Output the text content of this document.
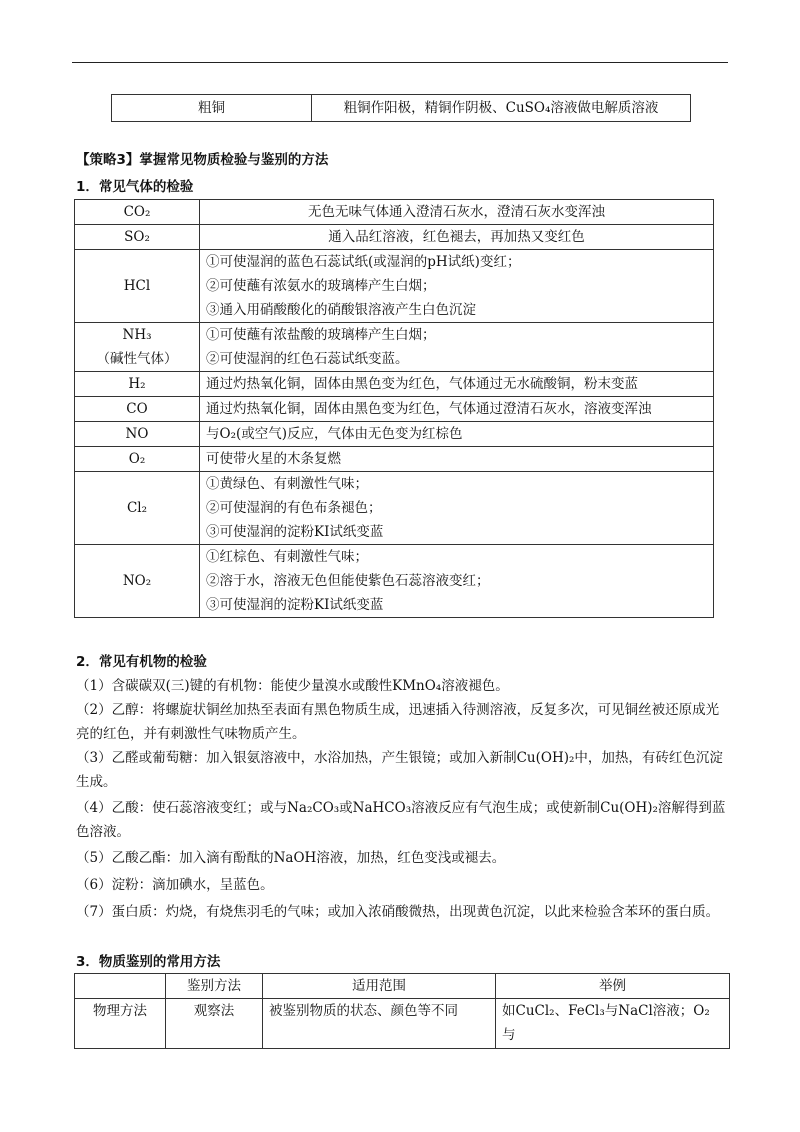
粗铜	粗铜作阳极，精铜作阴极、CuSO₄溶液做电解质溶液
【策略3】掌握常见物质检验与鉴别的方法
1．常见气体的检验
CO₂	无色无味气体通入澄清石灰水，澄清石灰水变浑浊

SO₂	通入品红溶液，红色褪去，再加热又变红色

HCl	①可使湿润的蓝色石蕊试纸(或湿润的pH试纸)变红；
②可使蘸有浓氨水的玻璃棒产生白烟；
③通入用硝酸酸化的硝酸银溶液产生白色沉淀

NH₃
（碱性气体）	①可使蘸有浓盐酸的玻璃棒产生白烟；
②可使湿润的红色石蕊试纸变蓝。

H₂	通过灼热氧化铜，固体由黑色变为红色，气体通过无水硫酸铜，粉末变蓝

CO	通过灼热氧化铜，固体由黑色变为红色，气体通过澄清石灰水，溶液变浑浊

NO	与O₂(或空气)反应，气体由无色变为红棕色

O₂	可使带火星的木条复燃

Cl₂	①黄绿色、有刺激性气味；
②可使湿润的有色布条褪色；
③可使湿润的淀粉KI试纸变蓝

NO₂	①红棕色、有刺激性气味；
②溶于水，溶液无色但能使紫色石蕊溶液变红；
③可使湿润的淀粉KI试纸变蓝
2．常见有机物的检验
（1）含碳碳双(三)键的有机物：能使少量溴水或酸性KMnO₄溶液褪色。
（2）乙醇：将螺旋状铜丝加热至表面有黑色物质生成，迅速插入待测溶液，反复多次，可见铜丝被还原成光亮的红色，并有刺激性气味物质产生。
（3）乙醛或葡萄糖：加入银氨溶液中，水浴加热，产生银镜；或加入新制Cu(OH)₂中，加热，有砖红色沉淀生成。
（4）乙酸：使石蕊溶液变红；或与Na₂CO₃或NaHCO₃溶液反应有气泡生成；或使新制Cu(OH)₂溶解得到蓝色溶液。
（5）乙酸乙酯：加入滴有酚酞的NaOH溶液，加热，红色变浅或褪去。
（6）淀粉：滴加碘水，呈蓝色。
（7）蛋白质：灼烧，有烧焦羽毛的气味；或加入浓硝酸微热，出现黄色沉淀，以此来检验含苯环的蛋白质。
3．物质鉴别的常用方法
	鉴别方法	适用范围	举例
物理方法	观察法	被鉴别物质的状态、颜色等不同	如CuCl₂、FeCl₃与NaCl溶液；O₂与
